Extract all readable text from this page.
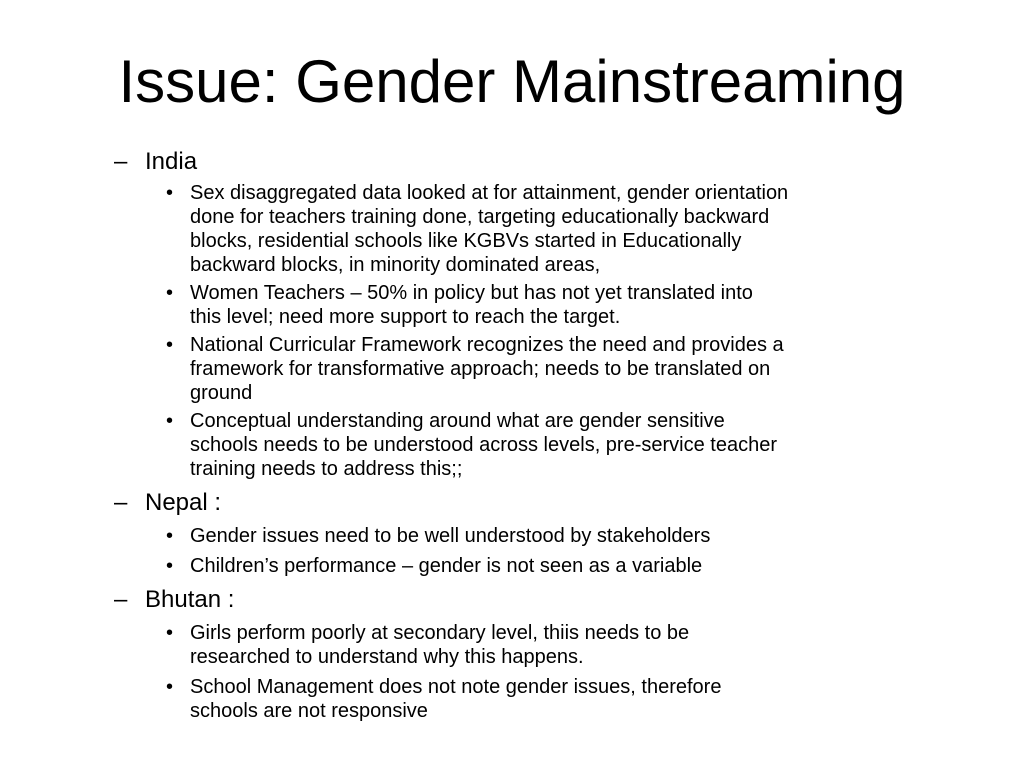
Issue: Gender Mainstreaming
– India
• Sex disaggregated data looked at for attainment, gender orientation
done for teachers training done, targeting educationally backward
blocks, residential schools like KGBVs started in Educationally
backward blocks, in minority dominated areas,
• Women Teachers – 50% in policy but has not yet translated into
this level; need more support to reach the target.
• National Curricular Framework recognizes the need and provides a
framework for transformative approach; needs to be translated on
ground
• Conceptual understanding around what are gender sensitive
schools needs to be understood across levels, pre-service teacher
training needs to address this;;
– Nepal :
• Gender issues need to be well understood by stakeholders
• Children’s performance – gender is not seen as a variable
– Bhutan :
• Girls perform poorly at secondary level, thiis needs to be
researched to understand why this happens.
• School Management does not note gender issues, therefore
schools are not responsive
